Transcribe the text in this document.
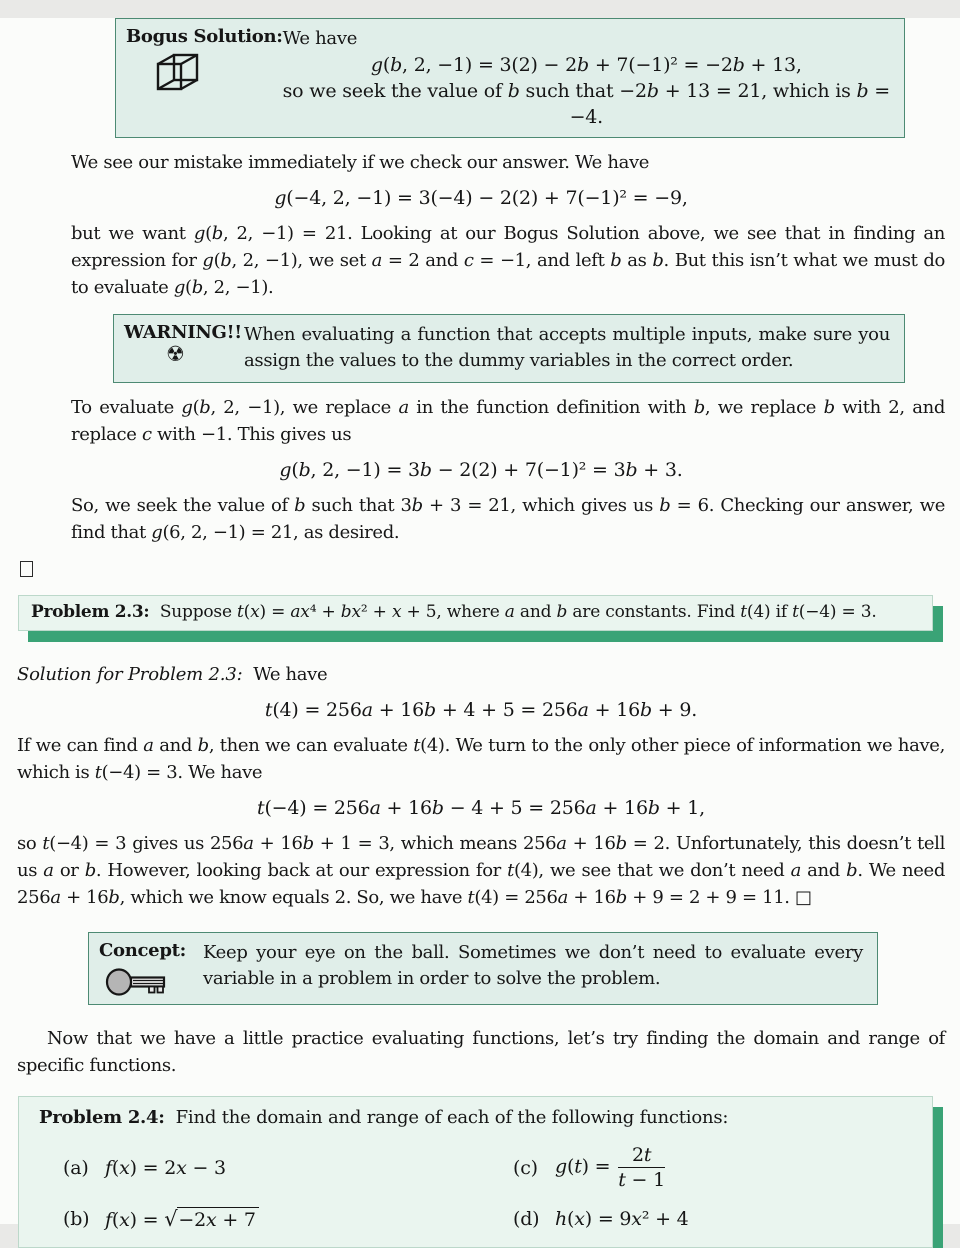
Bogus Solution: We have
g(b, 2, −1) = 3(2) − 2b + 7(−1)² = −2b + 13,
so we seek the value of b such that −2b + 13 = 21, which is b = −4.

We see our mistake immediately if we check our answer. We have

g(−4, 2, −1) = 3(−4) − 2(2) + 7(−1)² = −9,

but we want g(b, 2, −1) = 21. Looking at our Bogus Solution above, we see that in finding an expression for g(b, 2, −1), we set a = 2 and c = −1, and left b as b. But this isn’t what we must do to evaluate g(b, 2, −1).

WARNING!!
☢
When evaluating a function that accepts multiple inputs, make sure you assign the values to the dummy variables in the correct order.

To evaluate g(b, 2, −1), we replace a in the function definition with b, we replace b with 2, and replace c with −1. This gives us

g(b, 2, −1) = 3b − 2(2) + 7(−1)² = 3b + 3.

So, we seek the value of b such that 3b + 3 = 21, which gives us b = 6. Checking our answer, we find that g(6, 2, −1) = 21, as desired.

Problem 2.3: Suppose t(x) = ax⁴ + bx² + x + 5, where a and b are constants. Find t(4) if t(−4) = 3.

Solution for Problem 2.3: We have

t(4) = 256a + 16b + 4 + 5 = 256a + 16b + 9.

If we can find a and b, then we can evaluate t(4). We turn to the only other piece of information we have, which is t(−4) = 3. We have

t(−4) = 256a + 16b − 4 + 5 = 256a + 16b + 1,

so t(−4) = 3 gives us 256a + 16b + 1 = 3, which means 256a + 16b = 2. Unfortunately, this doesn’t tell us a or b. However, looking back at our expression for t(4), we see that we don’t need a and b. We need 256a + 16b, which we know equals 2. So, we have t(4) = 256a + 16b + 9 = 2 + 9 = 11. □

Concept: Keep your eye on the ball. Sometimes we don’t need to evaluate every variable in a problem in order to solve the problem.

Now that we have a little practice evaluating functions, let’s try finding the domain and range of specific functions.

Problem 2.4: Find the domain and range of each of the following functions:
(a) f(x) = 2x − 3	(c) $g(t) = \frac{2t}{t - 1}$
(b) f(x) = √−2x + 7	(d) h(x) = 9x² + 4
